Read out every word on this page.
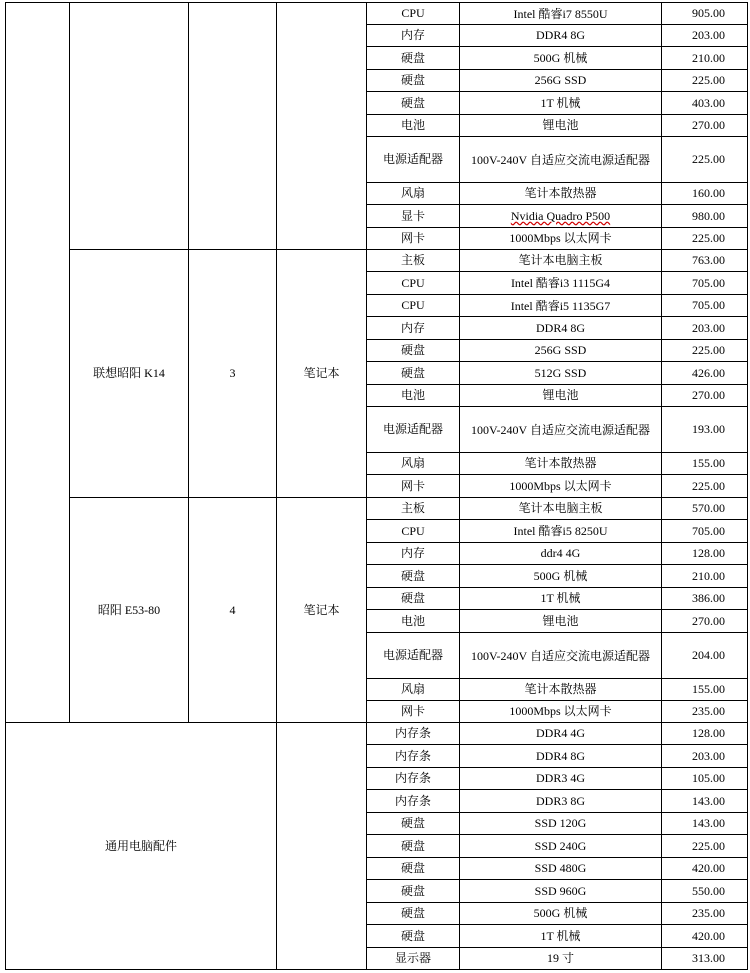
				CPU	Intel 酷睿i7 8550U	905.00
				内存	DDR4 8G	203.00
				硬盘	500G 机械	210.00
				硬盘	256G SSD	225.00
				硬盘	1T 机械	403.00
				电池	锂电池	270.00
				电源适配器	100V-240V 自适应交流电源适配器	225.00
				风扇	笔计本散热器	160.00
				显卡	Nvidia Quadro P500	980.00
				网卡	1000Mbps 以太网卡	225.00
	联想昭阳 K14	3	笔记本	主板	笔计本电脑主板	763.00
				CPU	Intel 酷睿i3 1115G4	705.00
				CPU	Intel 酷睿i5 1135G7	705.00
				内存	DDR4 8G	203.00
				硬盘	256G SSD	225.00
				硬盘	512G SSD	426.00
				电池	锂电池	270.00
				电源适配器	100V-240V 自适应交流电源适配器	193.00
				风扇	笔计本散热器	155.00
				网卡	1000Mbps 以太网卡	225.00
	昭阳 E53-80	4	笔记本	主板	笔计本电脑主板	570.00
				CPU	Intel 酷睿i5 8250U	705.00
				内存	ddr4 4G	128.00
				硬盘	500G 机械	210.00
				硬盘	1T 机械	386.00
				电池	锂电池	270.00
				电源适配器	100V-240V 自适应交流电源适配器	204.00
				风扇	笔计本散热器	155.00
				网卡	1000Mbps 以太网卡	235.00
通用电脑配件				内存条	DDR4 4G	128.00
				内存条	DDR4 8G	203.00
				内存条	DDR3 4G	105.00
				内存条	DDR3 8G	143.00
				硬盘	SSD 120G	143.00
				硬盘	SSD 240G	225.00
				硬盘	SSD 480G	420.00
				硬盘	SSD 960G	550.00
				硬盘	500G 机械	235.00
				硬盘	1T 机械	420.00
				显示器	19 寸	313.00
